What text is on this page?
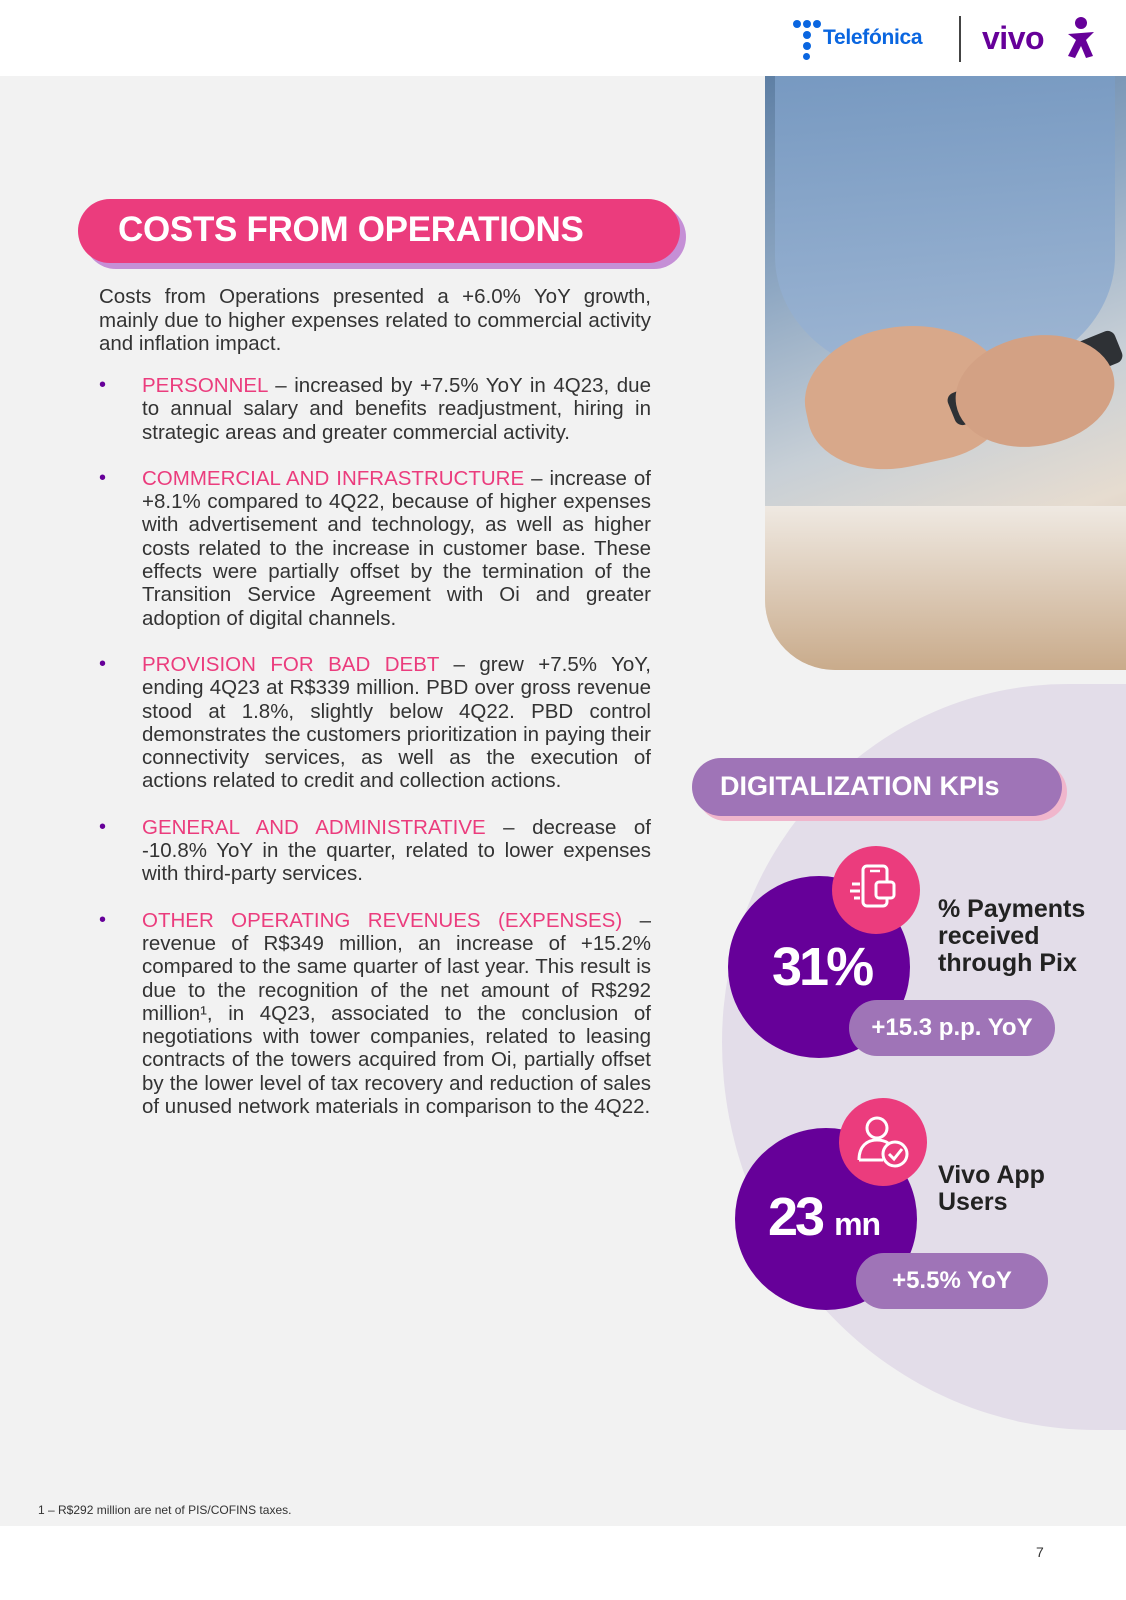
Telefónica vivo
COSTS FROM OPERATIONS
Costs from Operations presented a +6.0% YoY growth, mainly due to higher expenses related to commercial activity and inflation impact.
• PERSONNEL – increased by +7.5% YoY in 4Q23, due to annual salary and benefits readjustment, hiring in strategic areas and greater commercial activity.
• COMMERCIAL AND INFRASTRUCTURE – increase of +8.1% compared to 4Q22, because of higher expenses with advertisement and technology, as well as higher costs related to the increase in customer base. These effects were partially offset by the termination of the Transition Service Agreement with Oi and greater adoption of digital channels.
• PROVISION FOR BAD DEBT – grew +7.5% YoY, ending 4Q23 at R$339 million. PBD over gross revenue stood at 1.8%, slightly below 4Q22. PBD control demonstrates the customers prioritization in paying their connectivity services, as well as the execution of actions related to credit and collection actions.
• GENERAL AND ADMINISTRATIVE – decrease of -10.8% YoY in the quarter, related to lower expenses with third-party services.
• OTHER OPERATING REVENUES (EXPENSES) – revenue of R$349 million, an increase of +15.2% compared to the same quarter of last year. This result is due to the recognition of the net amount of R$292 million¹, in 4Q23, associated to the conclusion of negotiations with tower companies, related to leasing contracts of the towers acquired from Oi, partially offset by the lower level of tax recovery and reduction of sales of unused network materials in comparison to the 4Q22.
DIGITALIZATION KPIs
31%
% Payments received through Pix
+15.3 p.p. YoY
23 mn
Vivo App Users
+5.5% YoY
1 – R$292 million are net of PIS/COFINS taxes.
7
